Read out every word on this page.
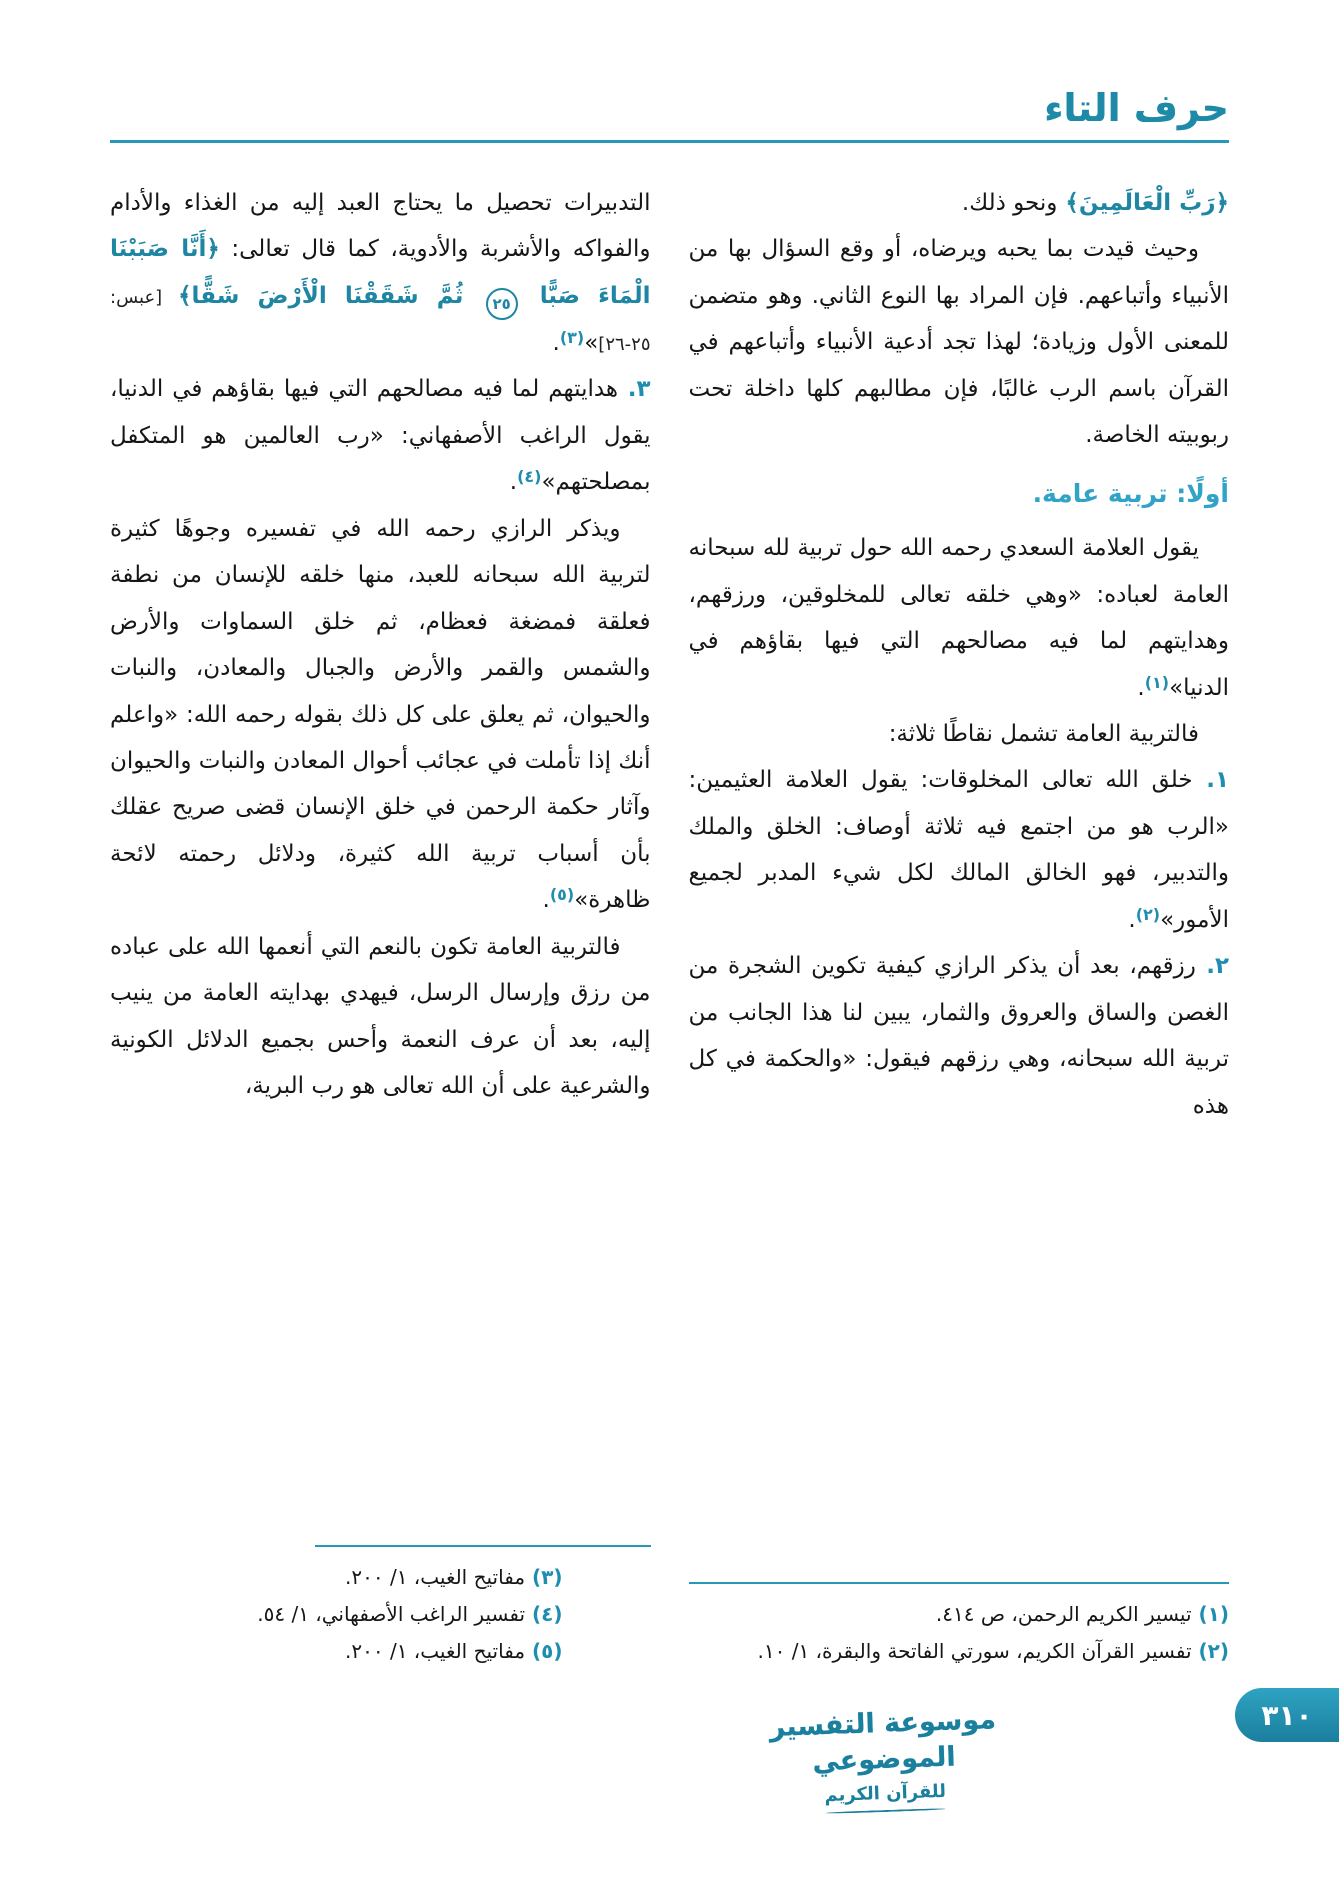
حرف التاء

﴿رَبِّ الْعَالَمِينَ﴾ ونحو ذلك.

وحيث قيدت بما يحبه ويرضاه، أو وقع السؤال بها من الأنبياء وأتباعهم. فإن المراد بها النوع الثاني. وهو متضمن للمعنى الأول وزيادة؛ لهذا تجد أدعية الأنبياء وأتباعهم في القرآن باسم الرب غالبًا، فإن مطالبهم كلها داخلة تحت ربوبيته الخاصة.

أولًا: تربية عامة.

يقول العلامة السعدي رحمه الله حول تربية لله سبحانه العامة لعباده: «وهي خلقه تعالى للمخلوقين، ورزقهم، وهدايتهم لما فيه مصالحهم التي فيها بقاؤهم في الدنيا»$^{(١)}$.

فالتربية العامة تشمل نقاطًا ثلاثة:

١. خلق الله تعالى المخلوقات: يقول العلامة العثيمين: «الرب هو من اجتمع فيه ثلاثة أوصاف: الخلق والملك والتدبير، فهو الخالق المالك لكل شيء المدبر لجميع الأمور»$^{(٢)}$.

٢. رزقهم، بعد أن يذكر الرازي كيفية تكوين الشجرة من الغصن والساق والعروق والثمار، يبين لنا هذا الجانب من تربية الله سبحانه، وهي رزقهم فيقول: «والحكمة في كل هذه

(١) تيسير الكريم الرحمن، ص ٤١٤.
(٢) تفسير القرآن الكريم، سورتي الفاتحة والبقرة، ١/ ١٠.

التدبيرات تحصيل ما يحتاج العبد إليه من الغذاء والأدام والفواكه والأشربة والأدوية، كما قال تعالى: ﴿أَنَّا صَبَبْنَا الْمَاءَ صَبًّا ٢٥ ثُمَّ شَقَقْنَا الْأَرْضَ شَقًّا﴾ [عبس: ٢٥-٢٦]»$^{(٣)}$.

٣. هدايتهم لما فيه مصالحهم التي فيها بقاؤهم في الدنيا، يقول الراغب الأصفهاني: «رب العالمين هو المتكفل بمصلحتهم»$^{(٤)}$.

ويذكر الرازي رحمه الله في تفسيره وجوهًا كثيرة لتربية الله سبحانه للعبد، منها خلقه للإنسان من نطفة فعلقة فمضغة فعظام، ثم خلق السماوات والأرض والشمس والقمر والأرض والجبال والمعادن، والنبات والحيوان، ثم يعلق على كل ذلك بقوله رحمه الله: «واعلم أنك إذا تأملت في عجائب أحوال المعادن والنبات والحيوان وآثار حكمة الرحمن في خلق الإنسان قضى صريح عقلك بأن أسباب تربية الله كثيرة، ودلائل رحمته لائحة ظاهرة»$^{(٥)}$.

فالتربية العامة تكون بالنعم التي أنعمها الله على عباده من رزق وإرسال الرسل، فيهدي بهدايته العامة من ينيب إليه، بعد أن عرف النعمة وأحس بجميع الدلائل الكونية والشرعية على أن الله تعالى هو رب البرية،

(٣) مفاتيح الغيب، ١/ ٢٠٠.
(٤) تفسير الراغب الأصفهاني، ١/ ٥٤.
(٥) مفاتيح الغيب، ١/ ٢٠٠.
موسوعة التفسير الموضوعي
للقرآن الكريم
٣١٠
